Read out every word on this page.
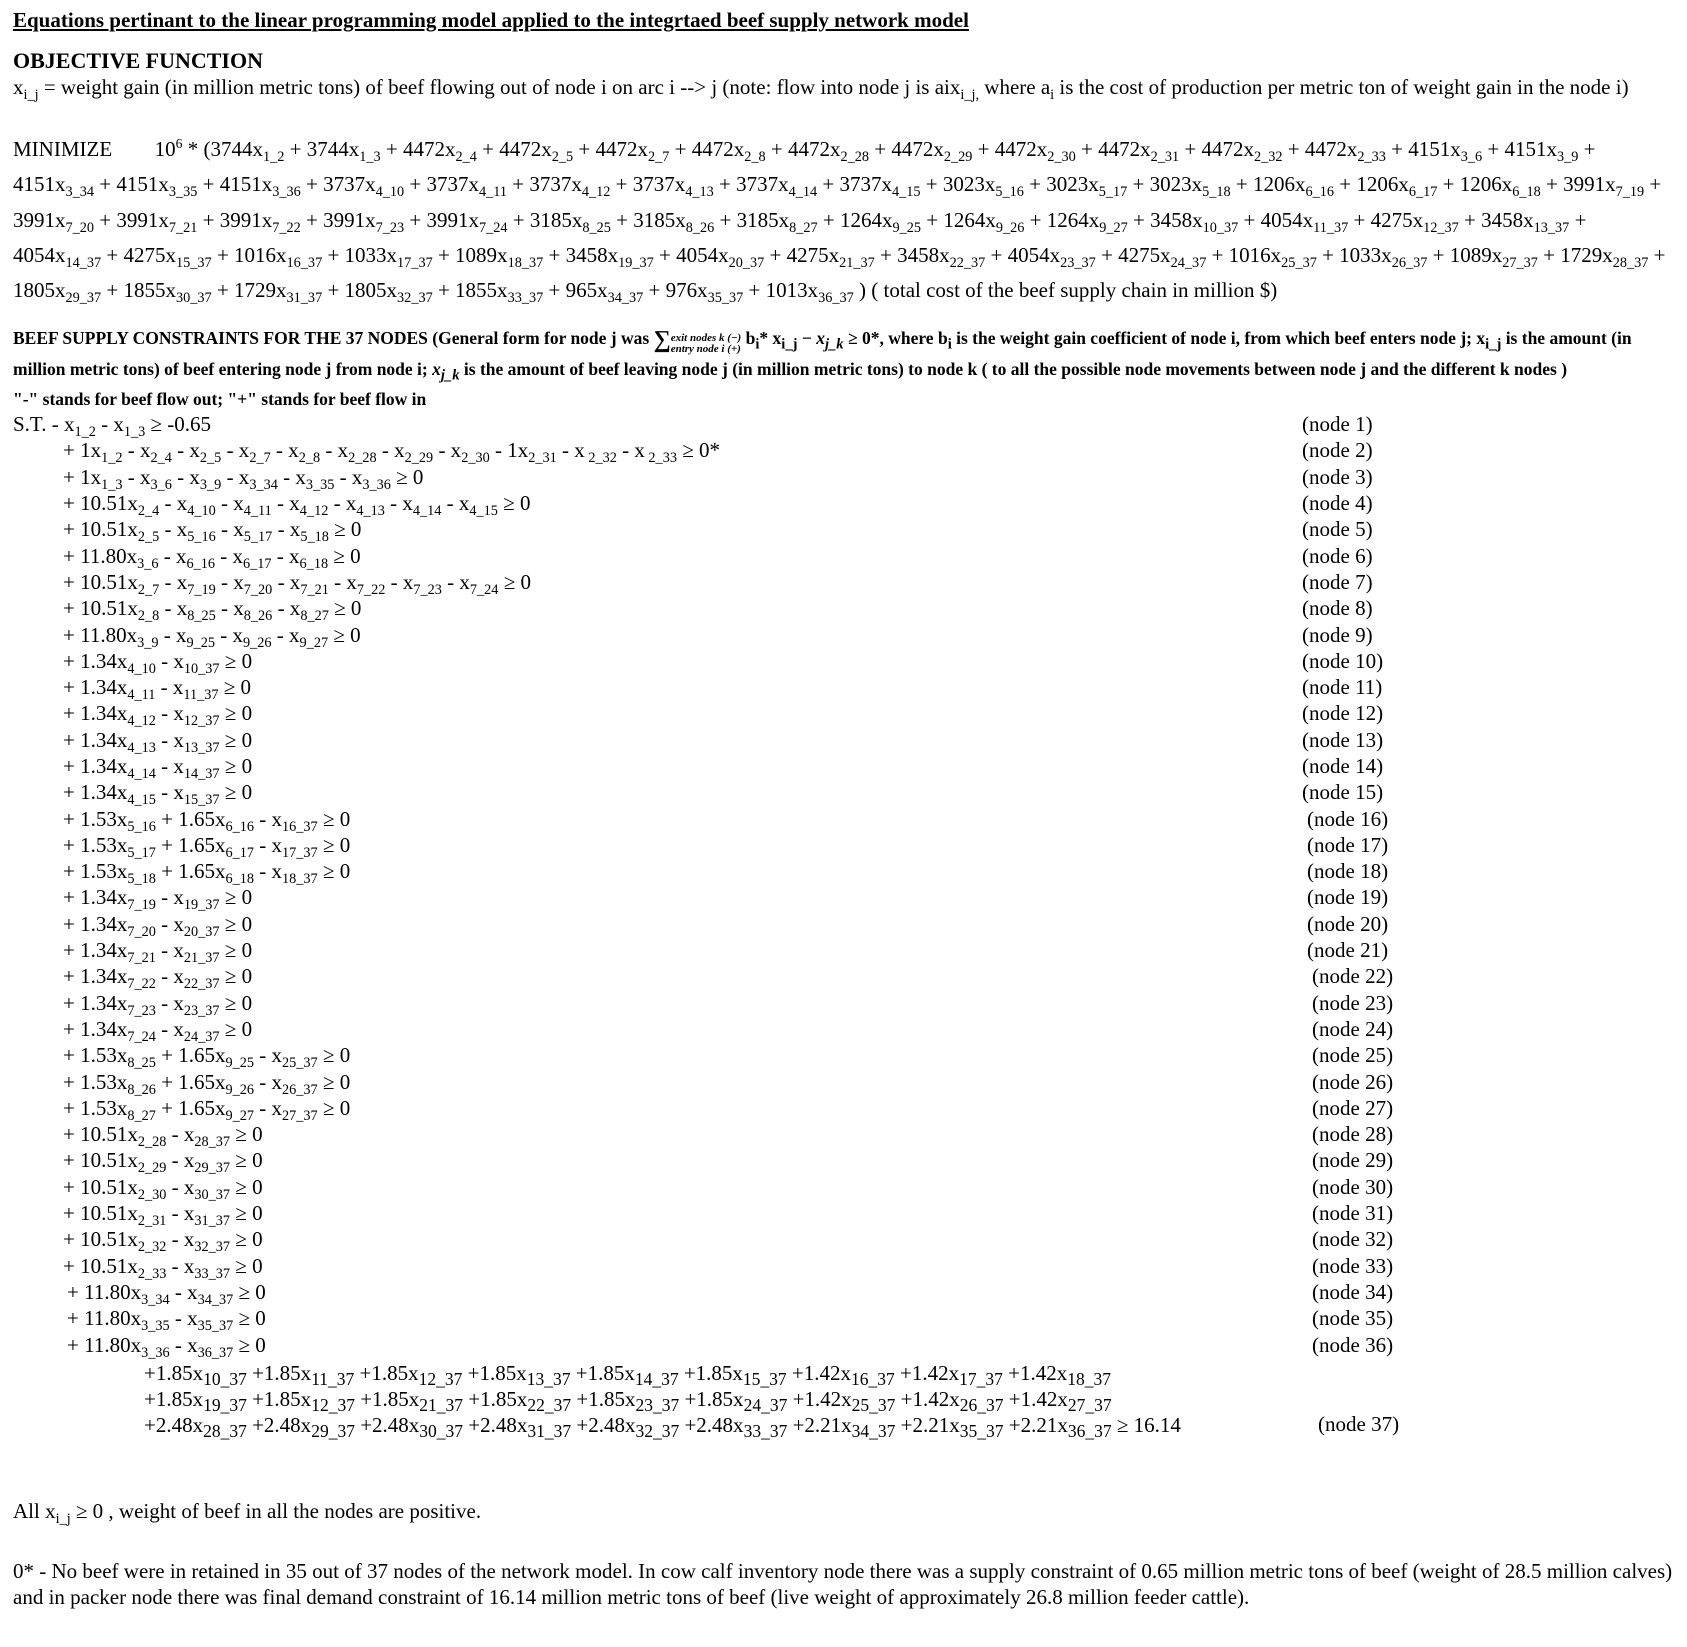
Equations pertinant to the linear programming model applied to the integrtaed beef supply network model
OBJECTIVE FUNCTION
$x_{i\_j}$ = weight gain (in million metric tons) of beef flowing out of node i on arc i --> j (note: flow into node j is aix$_{i\_j,}$ where $a_i$ is the cost of production per metric ton of weight gain in the node i)
MINIMIZE $10^6 * (3744x_{1\_2} + 3744x_{1\_3} + 4472x_{2\_4} + 4472x_{2\_5} + 4472x_{2\_7} + 4472x_{2\_8} + 4472x_{2\_28} + 4472x_{2\_29} + 4472x_{2\_30} + 4472x_{2\_31} + 4472x_{2\_32} + 4472x_{2\_33} + 4151x_{3\_6} + 4151x_{3\_9} + 4151x_{3\_34} + 4151x_{3\_35} + 4151x_{3\_36} + 3737x_{4\_10} + 3737x_{4\_11} + 3737x_{4\_12} + 3737x_{4\_13} + 3737x_{4\_14} + 3737x_{4\_15} + 3023x_{5\_16} + 3023x_{5\_17} + 3023x_{5\_18} + 1206x_{6\_16} + 1206x_{6\_17} + 1206x_{6\_18} + 3991x_{7\_19}$ + $3991x_{7\_20} + 3991x_{7\_21} + 3991x_{7\_22} + 3991x_{7\_23} + 3991x_{7\_24} + 3185x_{8\_25} + 3185x_{8\_26} + 3185x_{8\_27} + 1264x_{9\_25} + 1264x_{9\_26} + 1264x_{9\_27} + 3458x_{10\_37} + 4054x_{11\_37} + 4275x_{12\_37} + 3458x_{13\_37} + 4054x_{14\_37} + 4275x_{15\_37} + 1016x_{16\_37} + 1033x_{17\_37} + 1089x_{18\_37} + 3458x_{19\_37} + 4054x_{20\_37} + 4275x_{21\_37} + 3458x_{22\_37} + 4054x_{23\_37} + 4275x_{24\_37} + 1016x_{25\_37} + 1033x_{26\_37} + 1089x_{27\_37} + 1729x_{28\_37} + 1805x_{29\_37}$ + $1855x_{30\_37} + 1729x_{31\_37} + 1805x_{32\_37} + 1855x_{33\_37} + 965x_{34\_37} + 976x_{35\_37} + 1013x_{36\_37}$ ) ( total cost of the beef supply chain in million $)
BEEF SUPPLY CONSTRAINTS FOR THE 37 NODES (General form for node j was ∑exit nodes k (−)
entry node i (+) $b_i*$ $x_{i\_j} - x_{j\_k} \ge 0*$, where $b_i$ is the weight gain coefficient of node i, from which beef enters node j; $x_{i\_j}$ is the amount (in million metric tons) of beef entering node j from node i; $x_{j\_k}$ is the amount of beef leaving node j (in million metric tons) to node k ( to all the possible node movements between node j and the different k nodes )
"-" stands for beef flow out; "+" stands for beef flow in
S.T. - $x_{1\_2} - x_{1\_3} \ge -0.65$	(node 1)
+ $1x_{1\_2} - x_{2\_4} - x_{2\_5} - x_{2\_7} - x_{2\_8} - x_{2\_28} - x_{2\_29} - x_{2\_30} - 1x_{2\_31}$ - x $_{2\_32}$ - x $_{2\_33}$ ≥ 0*	(node 2)
+ $1x_{1\_3} - x_{3\_6} - x_{3\_9} - x_{3\_34} - x_{3\_35} - x_{3\_36} \ge 0$	(node 3)
+ $10.51x_{2\_4} - x_{4\_10} - x_{4\_11} - x_{4\_12} - x_{4\_13} - x_{4\_14} - x_{4\_15} \ge 0$	(node 4)
+ $10.51x_{2\_5} - x_{5\_16} - x_{5\_17} - x_{5\_18} \ge 0$	(node 5)
+ $11.80x_{3\_6} - x_{6\_16} - x_{6\_17} - x_{6\_18} \ge 0$	(node 6)
+ $10.51x_{2\_7} - x_{7\_19} - x_{7\_20} - x_{7\_21} - x_{7\_22} - x_{7\_23} - x_{7\_24} \ge 0$	(node 7)
+ $10.51x_{2\_8} - x_{8\_25} - x_{8\_26} - x_{8\_27} \ge 0$	(node 8)
+ $11.80x_{3\_9} - x_{9\_25} - x_{9\_26} - x_{9\_27} \ge 0$	(node 9)
+ $1.34x_{4\_10} - x_{10\_37} \ge 0$	(node 10)
+ $1.34x_{4\_11} - x_{11\_37} \ge 0$	(node 11)
+ $1.34x_{4\_12} - x_{12\_37} \ge 0$	(node 12)
+ $1.34x_{4\_13} - x_{13\_37} \ge 0$	(node 13)
+ $1.34x_{4\_14} - x_{14\_37} \ge 0$	(node 14)
+ $1.34x_{4\_15} - x_{15\_37} \ge 0$	(node 15)
+ $1.53x_{5\_16} + 1.65x_{6\_16} - x_{16\_37} \ge 0$	(node 16)
+ $1.53x_{5\_17} + 1.65x_{6\_17} - x_{17\_37} \ge 0$	(node 17)
+ $1.53x_{5\_18} + 1.65x_{6\_18} - x_{18\_37} \ge 0$	(node 18)
+ $1.34x_{7\_19} - x_{19\_37} \ge 0$	(node 19)
+ $1.34x_{7\_20} - x_{20\_37} \ge 0$	(node 20)
+ $1.34x_{7\_21} - x_{21\_37} \ge 0$	(node 21)
+ $1.34x_{7\_22} - x_{22\_37} \ge 0$	(node 22)
+ $1.34x_{7\_23} - x_{23\_37} \ge 0$	(node 23)
+ $1.34x_{7\_24} - x_{24\_37} \ge 0$	(node 24)
+ $1.53x_{8\_25} + 1.65x_{9\_25} - x_{25\_37} \ge 0$	(node 25)
+ $1.53x_{8\_26} + 1.65x_{9\_26} - x_{26\_37} \ge 0$	(node 26)
+ $1.53x_{8\_27} + 1.65x_{9\_27} - x_{27\_37} \ge 0$	(node 27)
+ $10.51x_{2\_28} - x_{28\_37} \ge 0$	(node 28)
+ $10.51x_{2\_29} - x_{29\_37} \ge 0$	(node 29)
+ $10.51x_{2\_30} - x_{30\_37} \ge 0$	(node 30)
+ $10.51x_{2\_31} - x_{31\_37} \ge 0$	(node 31)
+ $10.51x_{2\_32} - x_{32\_37} \ge 0$	(node 32)
+ $10.51x_{2\_33} - x_{33\_37} \ge 0$	(node 33)
+ $11.80x_{3\_34} - x_{34\_37} \ge 0$	(node 34)
+ $11.80x_{3\_35} - x_{35\_37} \ge 0$	(node 35)
+ $11.80x_{3\_36} - x_{36\_37} \ge 0$	(node 36)
$+1.85x_{10\_37} +1.85x_{11\_37} +1.85x_{12\_37} +1.85x_{13\_37} +1.85x_{14\_37} +1.85x_{15\_37} +1.42x_{16\_37} +1.42x_{17\_37} +1.42x_{18\_37}$
$+1.85x_{19\_37} +1.85x_{12\_37} +1.85x_{21\_37} +1.85x_{22\_37} +1.85x_{23\_37} +1.85x_{24\_37} +1.42x_{25\_37} +1.42x_{26\_37} +1.42x_{27\_37}$
$+2.48x_{28\_37} +2.48x_{29\_37} +2.48x_{30\_37} +2.48x_{31\_37} +2.48x_{32\_37} +2.48x_{33\_37} +2.21x_{34\_37} +2.21x_{35\_37} +2.21x_{36\_37} \ge 16.14$	(node 37)
All $x_{i\_j} \ge 0$ , weight of beef in all the nodes are positive.
0* - No beef were in retained in 35 out of 37 nodes of the network model. In cow calf inventory node there was a supply constraint of 0.65 million metric tons of beef (weight of 28.5 million calves) and in packer node there was final demand constraint of 16.14 million metric tons of beef (live weight of approximately 26.8 million feeder cattle).
